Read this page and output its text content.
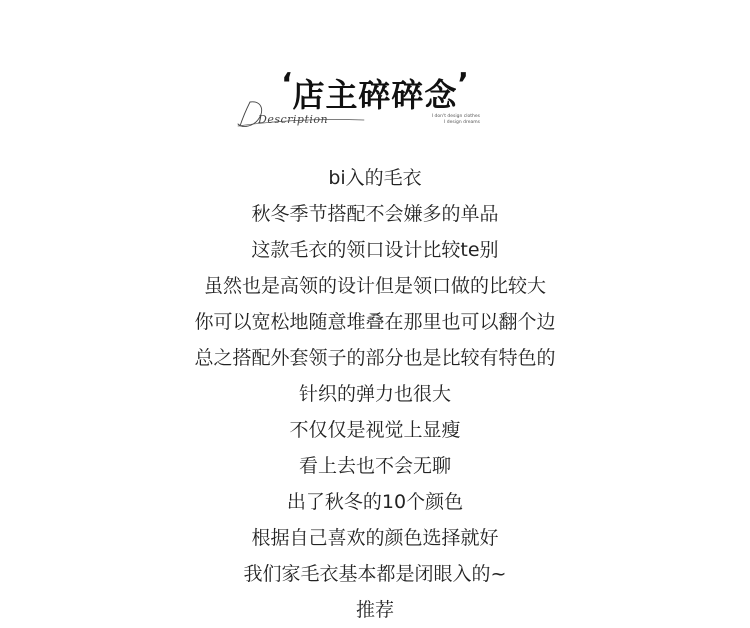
‘店主碎碎念’
Description	I don't design clothes
I design dreams
bi入的毛衣
秋冬季节搭配不会嫌多的单品
这款毛衣的领口设计比较te别
虽然也是高领的设计但是领口做的比较大
你可以宽松地随意堆叠在那里也可以翻个边
总之搭配外套领子的部分也是比较有特色的
针织的弹力也很大
不仅仅是视觉上显瘦
看上去也不会无聊
出了秋冬的10个颜色
根据自己喜欢的颜色选择就好
我们家毛衣基本都是闭眼入的~
推荐
